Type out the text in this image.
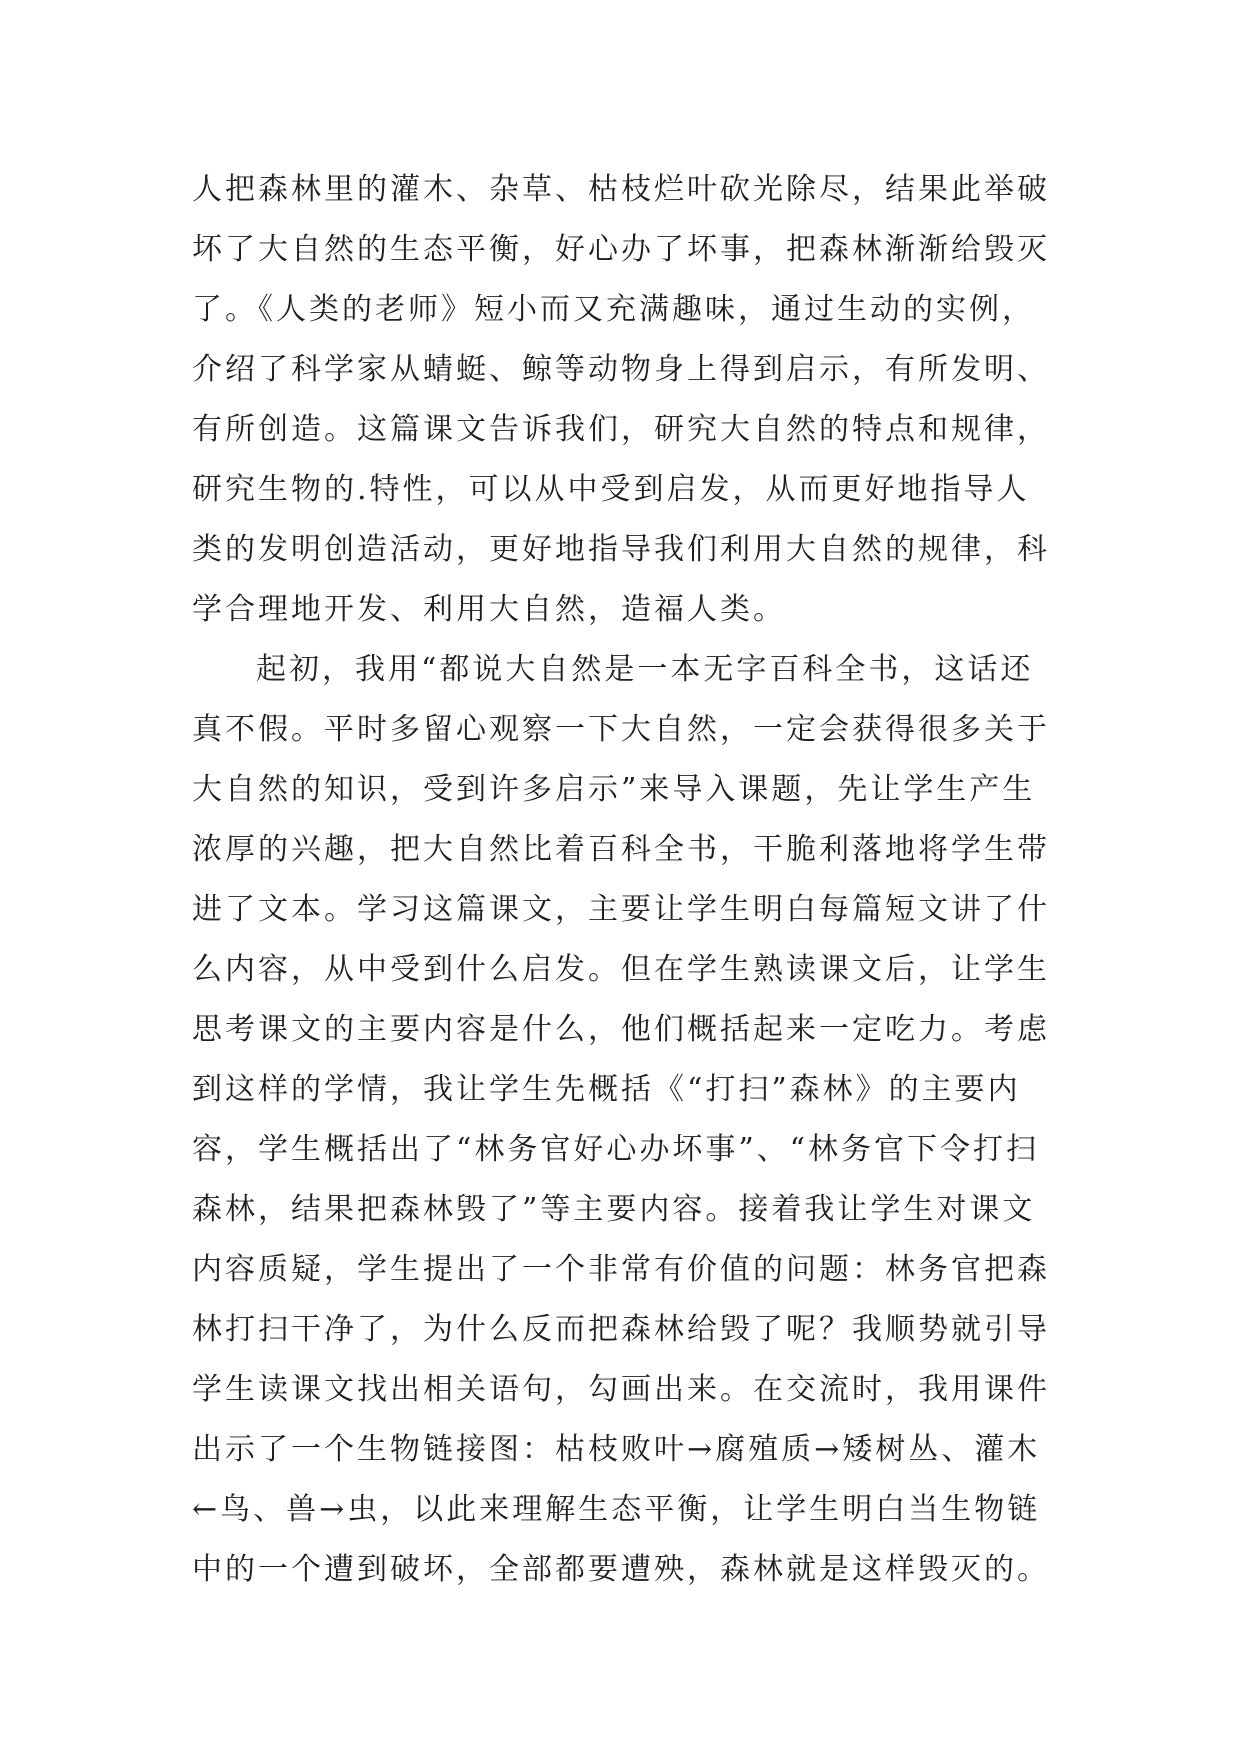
人把森林里的灌木、杂草、枯枝烂叶砍光除尽，结果此举破
坏了大自然的生态平衡，好心办了坏事，把森林渐渐给毁灭
了。《人类的老师》短小而又充满趣味，通过生动的实例，
介绍了科学家从蜻蜓、鲸等动物身上得到启示，有所发明、
有所创造。这篇课文告诉我们，研究大自然的特点和规律，
研究生物的.特性，可以从中受到启发，从而更好地指导人
类的发明创造活动，更好地指导我们利用大自然的规律，科
学合理地开发、利用大自然，造福人类。
起初，我用“都说大自然是一本无字百科全书，这话还
真不假。平时多留心观察一下大自然，一定会获得很多关于
大自然的知识，受到许多启示”来导入课题，先让学生产生
浓厚的兴趣，把大自然比着百科全书，干脆利落地将学生带
进了文本。学习这篇课文，主要让学生明白每篇短文讲了什
么内容，从中受到什么启发。但在学生熟读课文后，让学生
思考课文的主要内容是什么，他们概括起来一定吃力。考虑
到这样的学情，我让学生先概括《“打扫”森林》的主要内
容，学生概括出了“林务官好心办坏事”、“林务官下令打扫
森林，结果把森林毁了”等主要内容。接着我让学生对课文
内容质疑，学生提出了一个非常有价值的问题：林务官把森
林打扫干净了，为什么反而把森林给毁了呢？我顺势就引导
学生读课文找出相关语句，勾画出来。在交流时，我用课件
出示了一个生物链接图：枯枝败叶→腐殖质→矮树丛、灌木
←鸟、兽→虫，以此来理解生态平衡，让学生明白当生物链
中的一个遭到破坏，全部都要遭殃，森林就是这样毁灭的。
